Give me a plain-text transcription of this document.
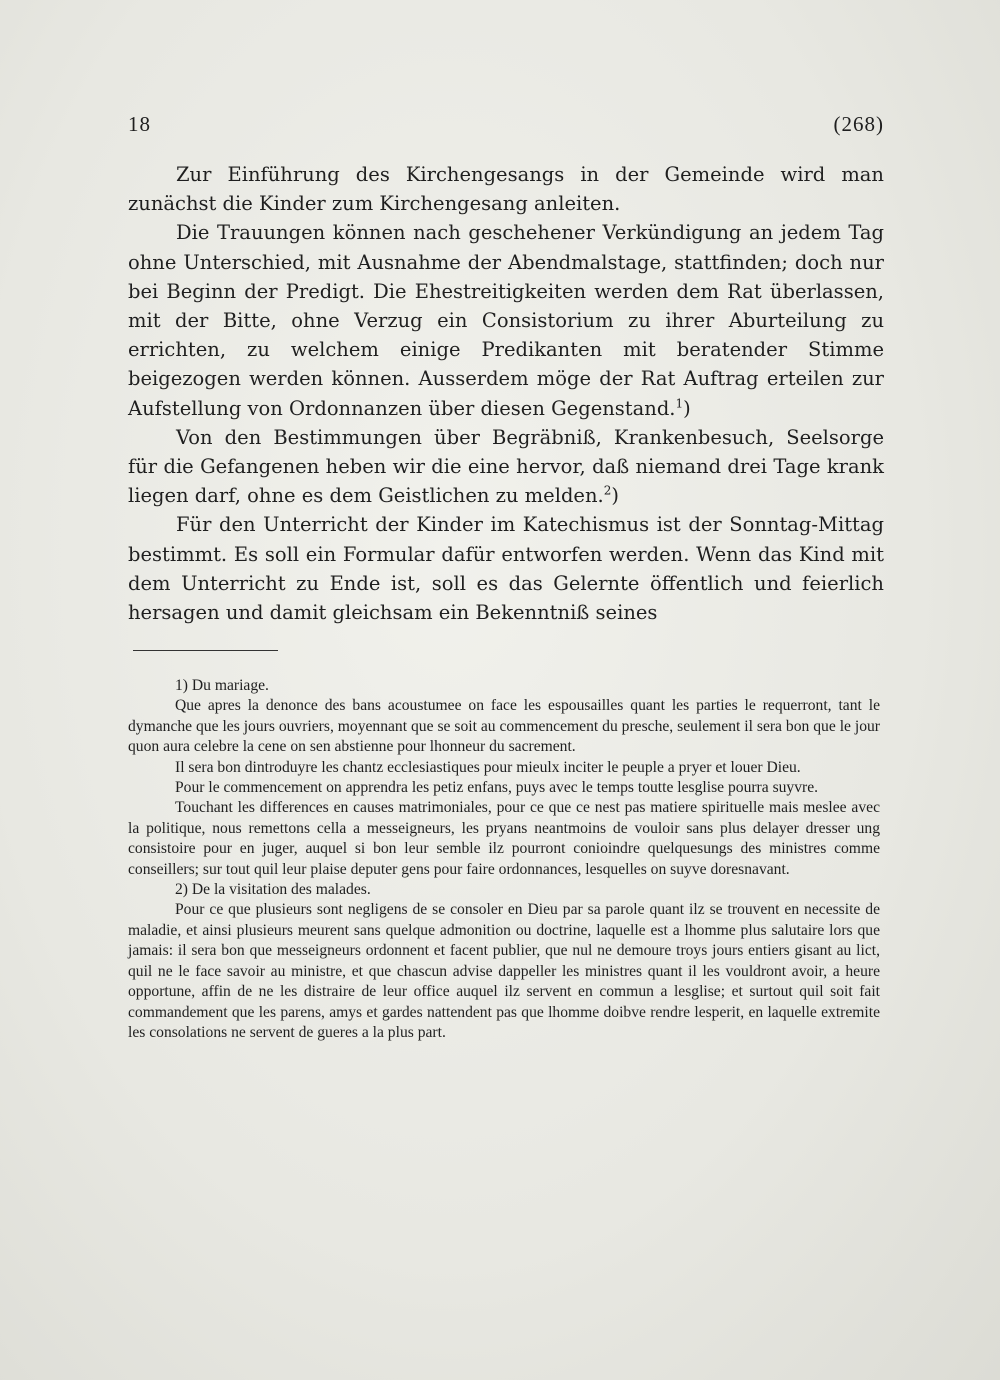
18	(268)

Zur Einführung des Kirchengesangs in der Gemeinde wird man zunächst die Kinder zum Kirchengesang anleiten.

Die Trauungen können nach geschehener Verkündigung an jedem Tag ohne Unterschied, mit Ausnahme der Abendmalstage, stattfinden; doch nur bei Beginn der Predigt. Die Ehestreitigkeiten werden dem Rat überlassen, mit der Bitte, ohne Verzug ein Consistorium zu ihrer Aburteilung zu errichten, zu welchem einige Predikanten mit beratender Stimme beigezogen werden können. Ausserdem möge der Rat Auftrag erteilen zur Aufstellung von Ordonnanzen über diesen Gegenstand.$^1$)

Von den Bestimmungen über Begräbniß, Krankenbesuch, Seelsorge für die Gefangenen heben wir die eine hervor, daß niemand drei Tage krank liegen darf, ohne es dem Geistlichen zu melden.$^2$)

Für den Unterricht der Kinder im Katechismus ist der Sonntag-Mittag bestimmt. Es soll ein Formular dafür entworfen werden. Wenn das Kind mit dem Unterricht zu Ende ist, soll es das Gelernte öffentlich und feierlich hersagen und damit gleichsam ein Bekenntniß seines

1) Du mariage.

Que apres la denonce des bans acoustumee on face les espousailles quant les parties le requerront, tant le dymanche que les jours ouvriers, moyennant que se soit au commencement du presche, seulement il sera bon que le jour quon aura celebre la cene on sen abstienne pour lhonneur du sacrement.

Il sera bon dintroduyre les chantz ecclesiastiques pour mieulx inciter le peuple a pryer et louer Dieu.

Pour le commencement on apprendra les petiz enfans, puys avec le temps toutte lesglise pourra suyvre.

Touchant les differences en causes matrimoniales, pour ce que ce nest pas matiere spirituelle mais meslee avec la politique, nous remettons cella a messeigneurs, les pryans neantmoins de vouloir sans plus delayer dresser ung consistoire pour en juger, auquel si bon leur semble ilz pourront conioindre quelquesungs des ministres comme conseillers; sur tout quil leur plaise deputer gens pour faire ordonnances, lesquelles on suyve doresnavant.

2) De la visitation des malades.

Pour ce que plusieurs sont negligens de se consoler en Dieu par sa parole quant ilz se trouvent en necessite de maladie, et ainsi plusieurs meurent sans quelque admonition ou doctrine, laquelle est a lhomme plus salutaire lors que jamais: il sera bon que messeigneurs ordonnent et facent publier, que nul ne demoure troys jours entiers gisant au lict, quil ne le face savoir au ministre, et que chascun advise dappeller les ministres quant il les vouldront avoir, a heure opportune, affin de ne les distraire de leur office auquel ilz servent en commun a lesglise; et surtout quil soit fait commandement que les parens, amys et gardes nattendent pas que lhomme doibve rendre lesperit, en laquelle extremite les consolations ne servent de gueres a la plus part.
